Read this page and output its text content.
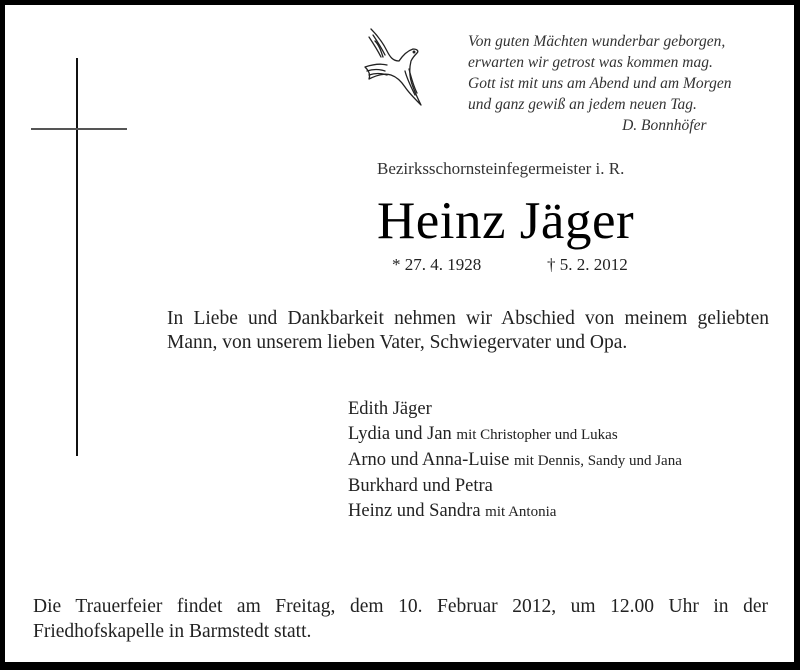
Von guten Mächten wunderbar geborgen,
erwarten wir getrost was kommen mag.
Gott ist mit uns am Abend und am Morgen
und ganz gewiß an jedem neuen Tag.
D. Bonnhöfer
Bezirksschornsteinfegermeister i. R.
Heinz Jäger
* 27. 4. 1928	† 5. 2. 2012
In Liebe und Dankbarkeit nehmen wir Abschied von meinem geliebten Mann, von unserem lieben Vater, Schwiegervater und Opa.
Edith Jäger
Lydia und Jan mit Christopher und Lukas
Arno und Anna-Luise mit Dennis, Sandy und Jana
Burkhard und Petra
Heinz und Sandra mit Antonia
Die Trauerfeier findet am Freitag, dem 10. Februar 2012, um 12.00 Uhr in der
Friedhofskapelle in Barmstedt statt.
